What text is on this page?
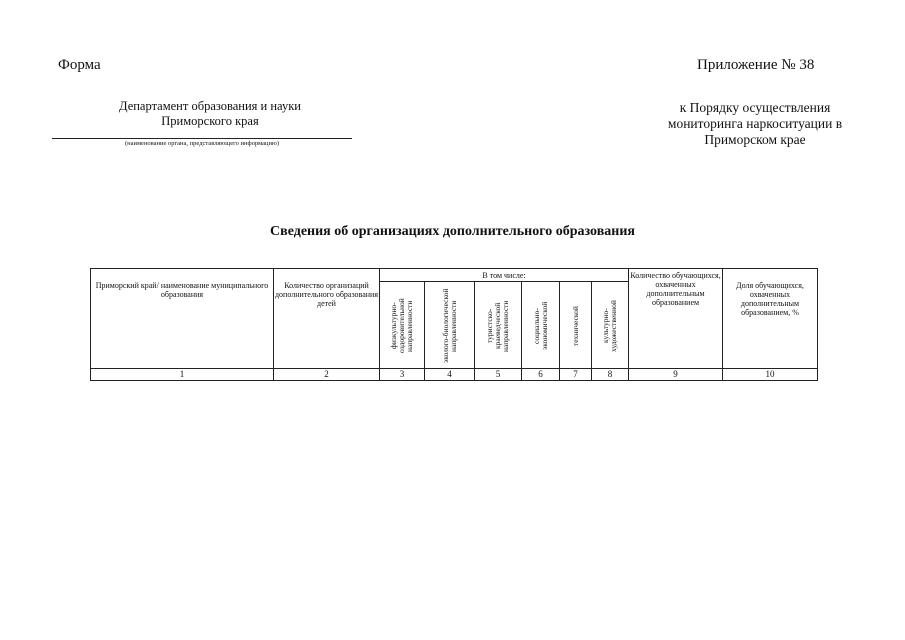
Форма	Приложение № 38
Департамент образования и науки
Приморского края
(наименование органа, представляющего информацию)
к Порядку осуществления
мониторинга наркоситуации в
Приморском крае
Сведения об организациях дополнительного образования
Приморский край/ наименование муниципального образования	Количество организаций дополнительного образования детей	В том числе:						Количество обучающихся, охваченных дополнительным образованием	Доля обучающихся, охваченных дополнительным образованием, %

		физкультурно-оздоровительной направленности	эколого-биологической направленности	туристско-краеведческой направленности	социально-экономической	технической	культурно-художественной		

1	2	3	4	5	6	7	8	9	10
